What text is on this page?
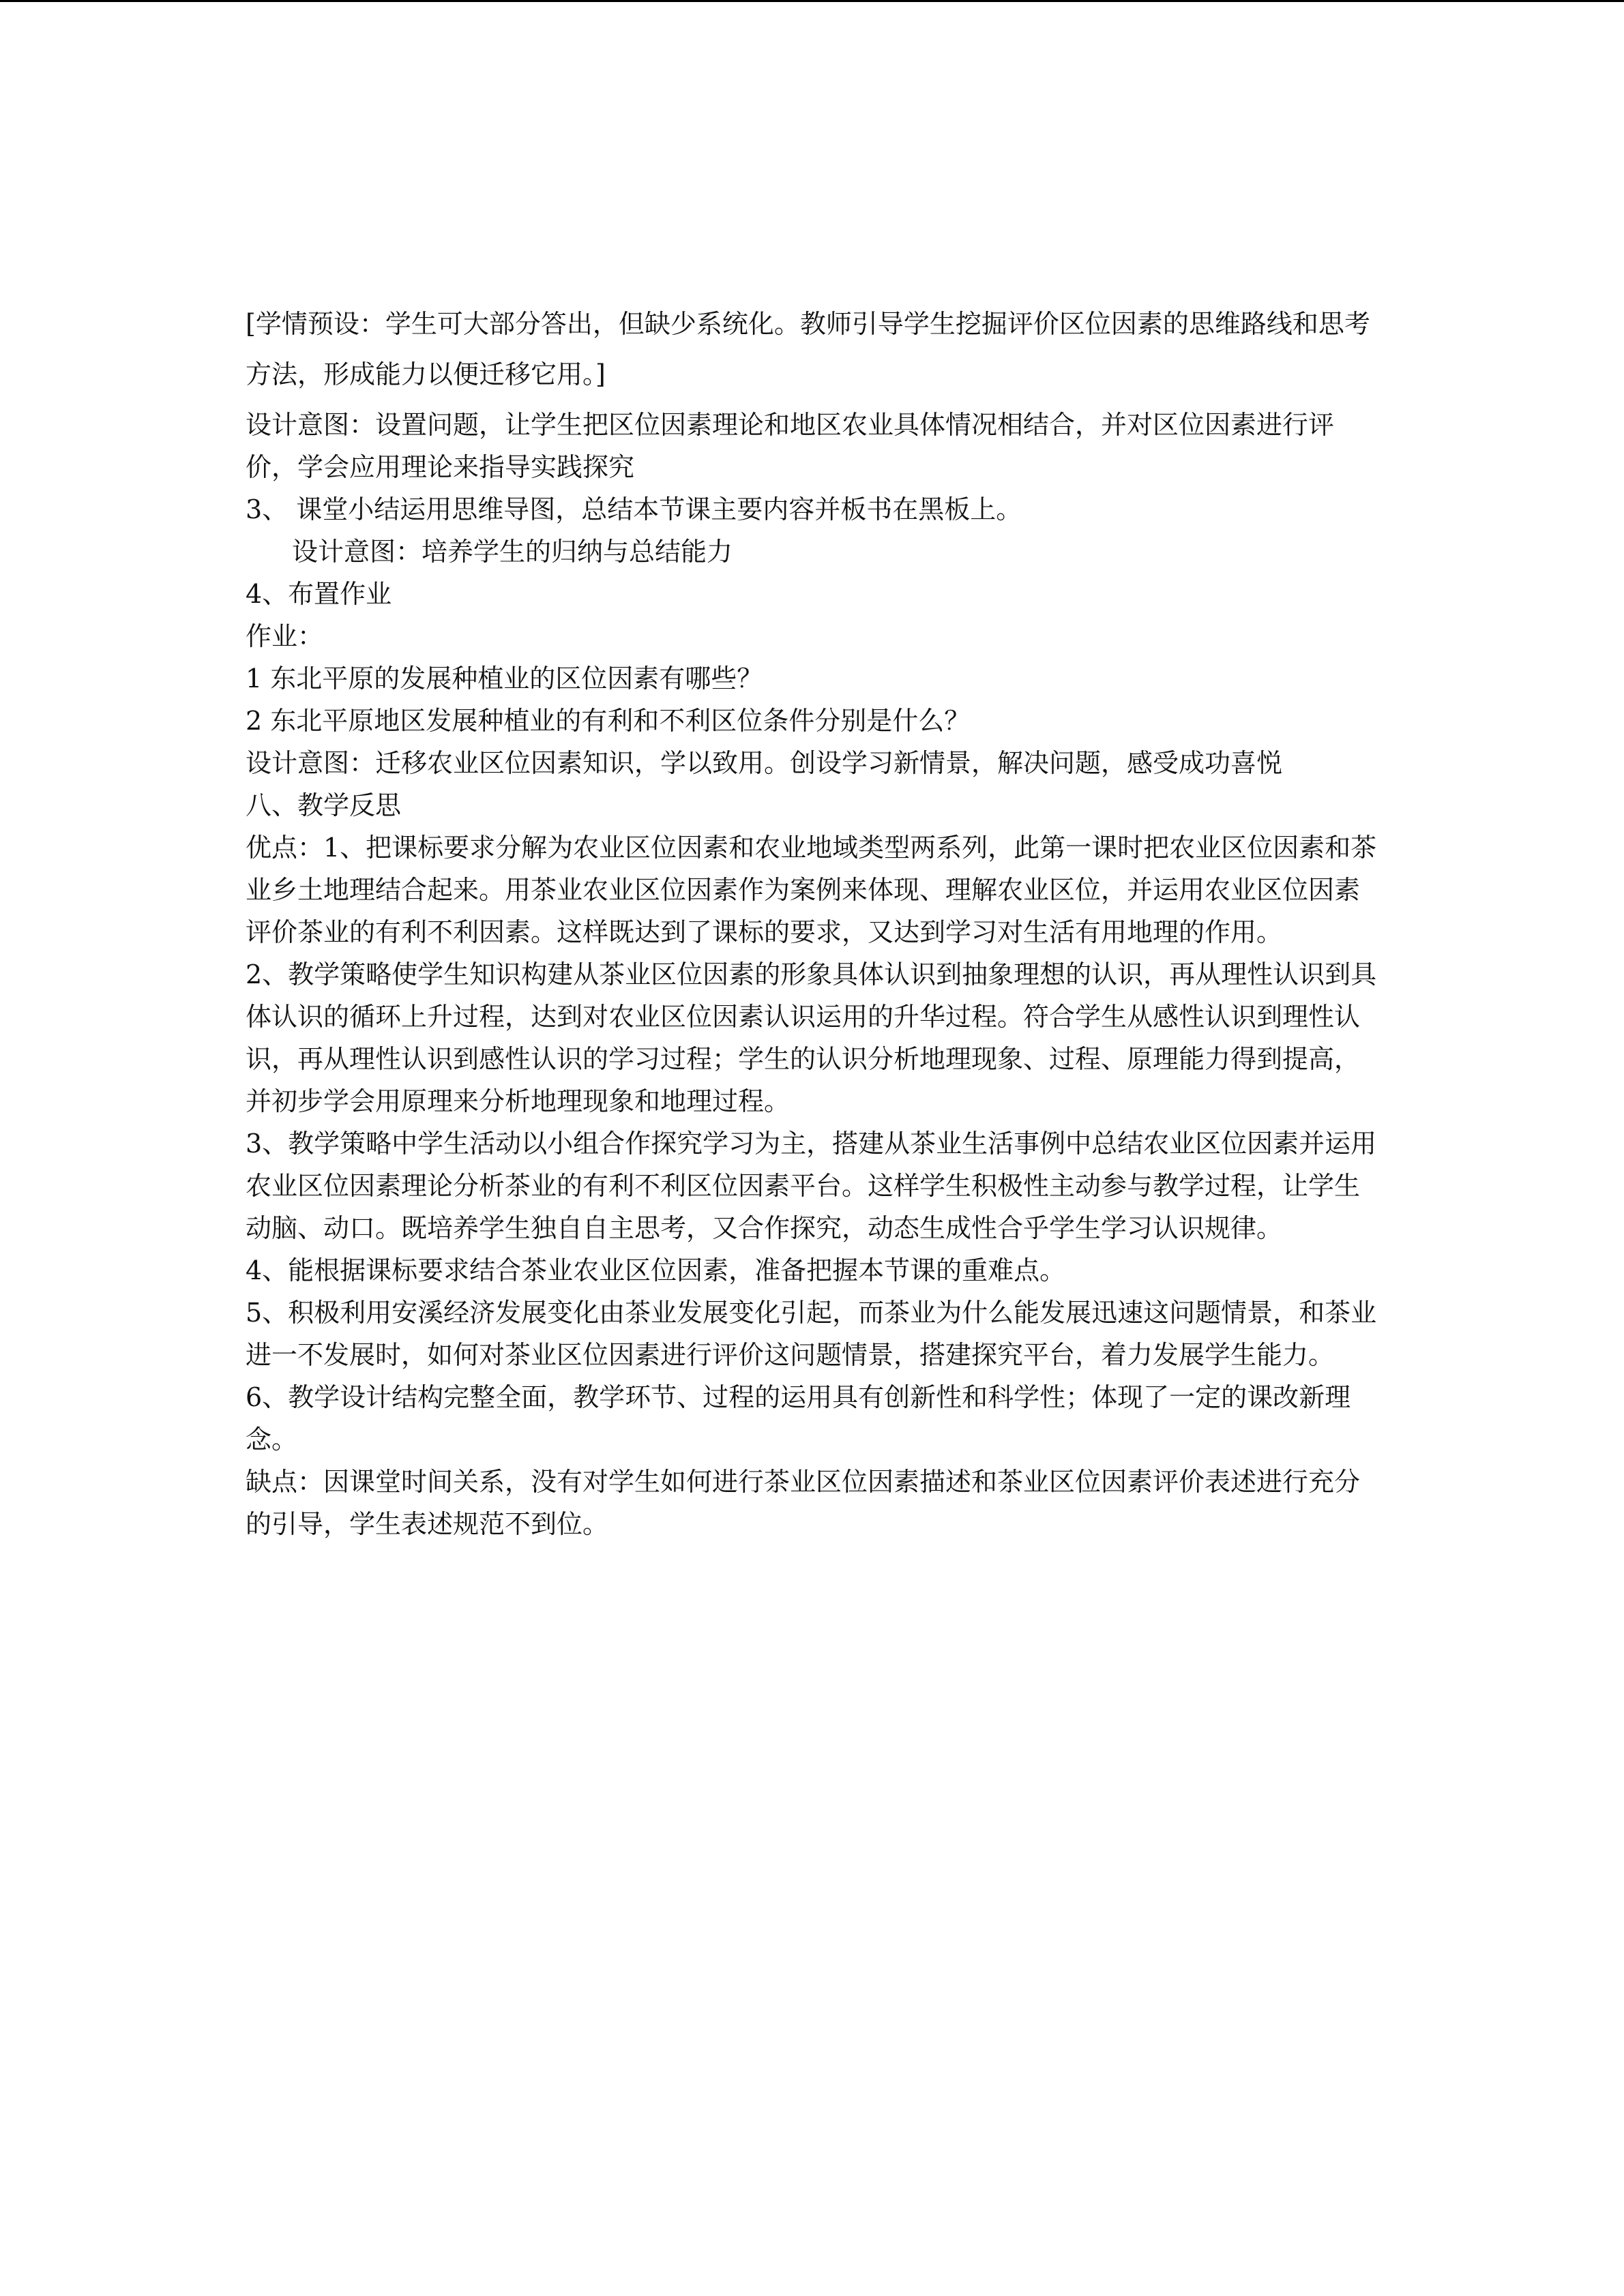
[学情预设：学生可大部分答出，但缺少系统化。教师引导学生挖掘评价区位因素的思维路线和思考方法，形成能力以便迁移它用。]

设计意图：设置问题，让学生把区位因素理论和地区农业具体情况相结合，并对区位因素进行评价，学会应用理论来指导实践探究

3、 课堂小结运用思维导图，总结本节课主要内容并板书在黑板上。

设计意图：培养学生的归纳与总结能力

4、布置作业

作业：

1 东北平原的发展种植业的区位因素有哪些？

2 东北平原地区发展种植业的有利和不利区位条件分别是什么？

设计意图：迁移农业区位因素知识，学以致用。创设学习新情景，解决问题，感受成功喜悦

八、教学反思

优点：1、把课标要求分解为农业区位因素和农业地域类型两系列，此第一课时把农业区位因素和茶业乡土地理结合起来。用茶业农业区位因素作为案例来体现、理解农业区位，并运用农业区位因素评价茶业的有利不利因素。这样既达到了课标的要求，又达到学习对生活有用地理的作用。

2、教学策略使学生知识构建从茶业区位因素的形象具体认识到抽象理想的认识，再从理性认识到具体认识的循环上升过程，达到对农业区位因素认识运用的升华过程。符合学生从感性认识到理性认识，再从理性认识到感性认识的学习过程；学生的认识分析地理现象、过程、原理能力得到提高，并初步学会用原理来分析地理现象和地理过程。

3、教学策略中学生活动以小组合作探究学习为主，搭建从茶业生活事例中总结农业区位因素并运用农业区位因素理论分析茶业的有利不利区位因素平台。这样学生积极性主动参与教学过程，让学生动脑、动口。既培养学生独自自主思考，又合作探究，动态生成性合乎学生学习认识规律。

4、能根据课标要求结合茶业农业区位因素，准备把握本节课的重难点。

5、积极利用安溪经济发展变化由茶业发展变化引起，而茶业为什么能发展迅速这问题情景，和茶业进一不发展时，如何对茶业区位因素进行评价这问题情景，搭建探究平台，着力发展学生能力。

6、教学设计结构完整全面，教学环节、过程的运用具有创新性和科学性；体现了一定的课改新理念。

缺点：因课堂时间关系，没有对学生如何进行茶业区位因素描述和茶业区位因素评价表述进行充分的引导，学生表述规范不到位。
